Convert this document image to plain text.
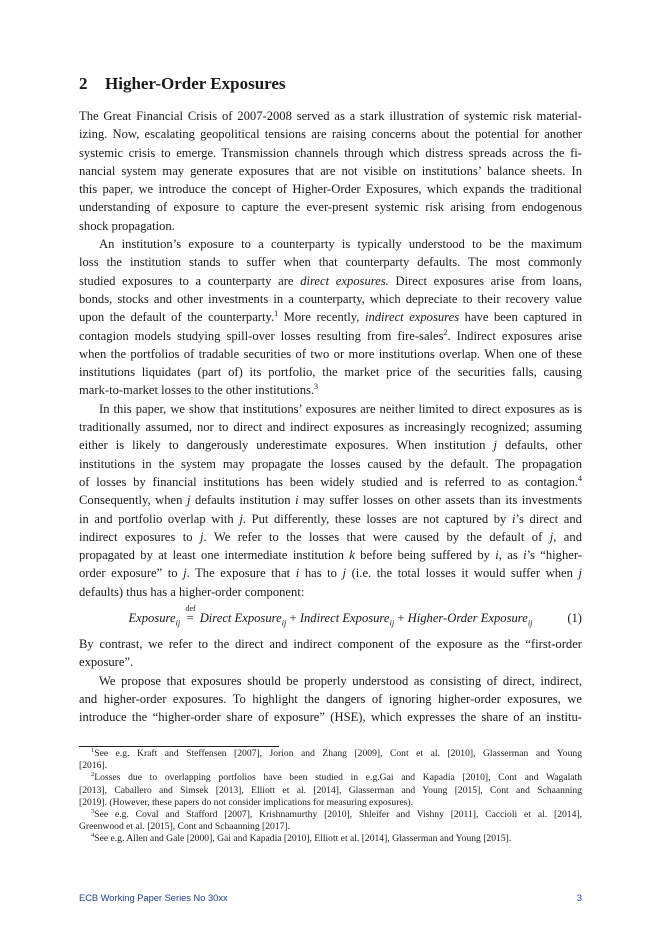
2 Higher-Order Exposures
The Great Financial Crisis of 2007-2008 served as a stark illustration of systemic risk material-
izing. Now, escalating geopolitical tensions are raising concerns about the potential for another
systemic crisis to emerge. Transmission channels through which distress spreads across the fi-
nancial system may generate exposures that are not visible on institutions’ balance sheets. In
this paper, we introduce the concept of Higher-Order Exposures, which expands the traditional
understanding of exposure to capture the ever-present systemic risk arising from endogenous
shock propagation.
An institution’s exposure to a counterparty is typically understood to be the maximum
loss the institution stands to suffer when that counterparty defaults. The most commonly
studied exposures to a counterparty are direct exposures. Direct exposures arise from loans,
bonds, stocks and other investments in a counterparty, which depreciate to their recovery value
upon the default of the counterparty.$^1$ More recently, indirect exposures have been captured in
contagion models studying spill-over losses resulting from fire-sales$^2$. Indirect exposures arise
when the portfolios of tradable securities of two or more institutions overlap. When one of these
institutions liquidates (part of) its portfolio, the market price of the securities falls, causing
mark-to-market losses to the other institutions.$^3$
In this paper, we show that institutions’ exposures are neither limited to direct exposures as is
traditionally assumed, nor to direct and indirect exposures as increasingly recognized; assuming
either is likely to dangerously underestimate exposures. When institution j defaults, other
institutions in the system may propagate the losses caused by the default. The propagation
of losses by financial institutions has been widely studied and is referred to as contagion.$^4$
Consequently, when j defaults institution i may suffer losses on other assets than its investments
in and portfolio overlap with j. Put differently, these losses are not captured by i’s direct and
indirect exposures to j. We refer to the losses that were caused by the default of j, and
propagated by at least one intermediate institution k before being suffered by i, as i’s “higher-
order exposure” to j. The exposure that i has to j (i.e. the total losses it would suffer when j
defaults) thus has a higher-order component:
Exposure$_{ij}$
def
= Direct Exposure$_{ij}$ + Indirect Exposure$_{ij}$ + Higher-Order Exposure$_{ij}$	(1)
By contrast, we refer to the direct and indirect component of the exposure as the “first-order
exposure”.
We propose that exposures should be properly understood as consisting of direct, indirect,
and higher-order exposures. To highlight the dangers of ignoring higher-order exposures, we
introduce the “higher-order share of exposure” (HSE), which expresses the share of an institu-
$^1$See e.g. Kraft and Steffensen [2007], Jorion and Zhang [2009], Cont et al. [2010], Glasserman and Young
[2016].
$^2$Losses due to overlapping portfolios have been studied in e.g.Gai and Kapadia [2010], Cont and Wagalath
[2013], Caballero and Simsek [2013], Elliott et al. [2014], Glasserman and Young [2015], Cont and Schaanning
[2019]. (However, these papers do not consider implications for measuring exposures).
$^3$See e.g. Coval and Stafford [2007], Krishnamurthy [2010], Shleifer and Vishny [2011], Caccioli et al. [2014],
Greenwood et al. [2015], Cont and Schaanning [2017].
$^4$See e.g. Allen and Gale [2000], Gai and Kapadia [2010], Elliott et al. [2014], Glasserman and Young [2015].
ECB Working Paper Series No 30xx	3
